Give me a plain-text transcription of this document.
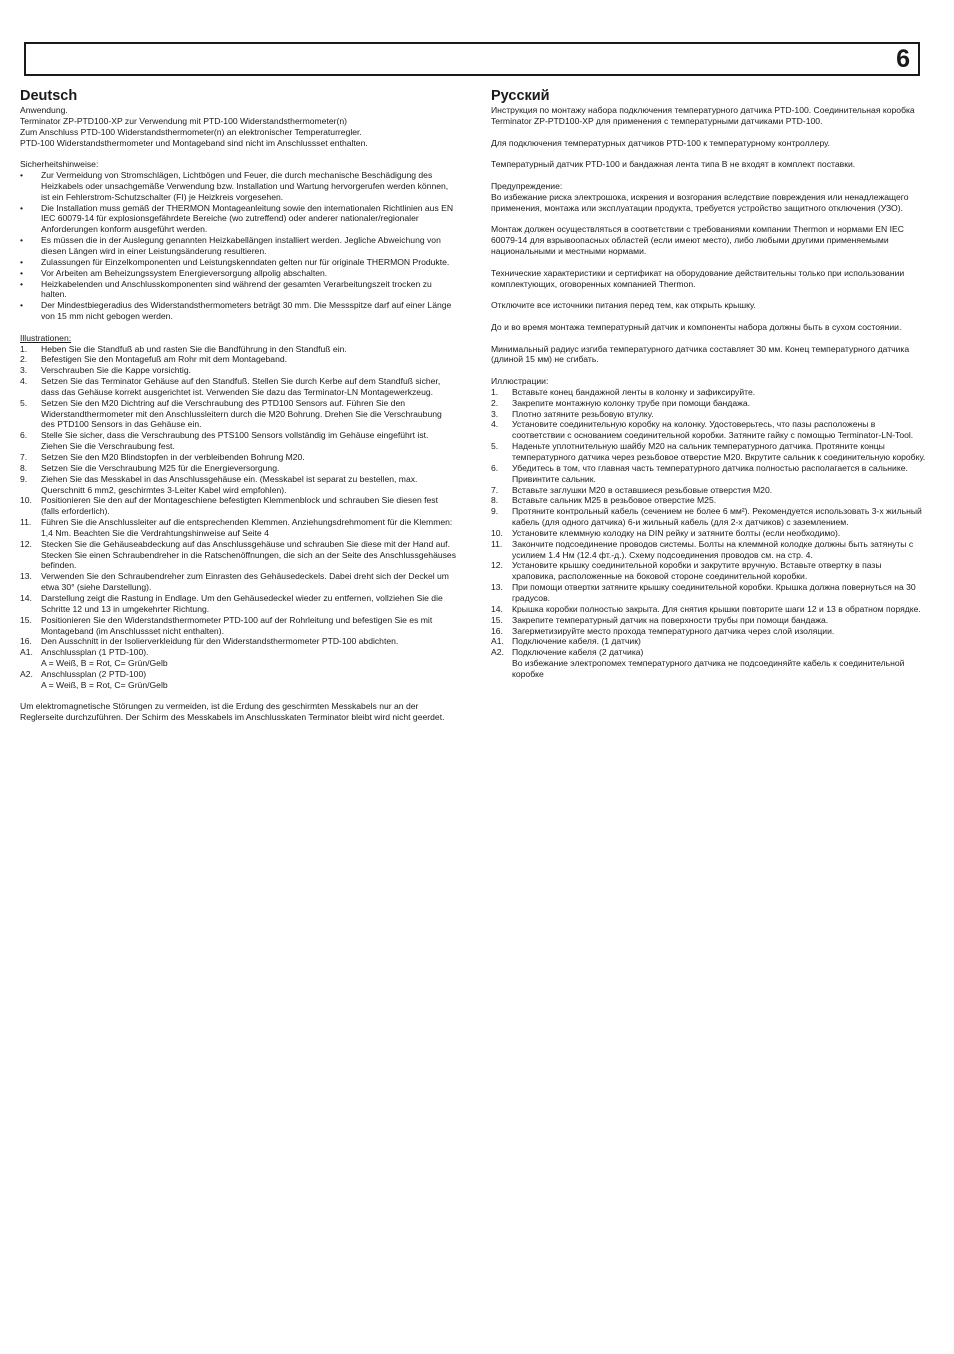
6
Deutsch

Anwendung.

Terminator ZP-PTD100-XP zur Verwendung mit PTD-100 Widerstandsthermometer(n)

Zum Anschluss PTD-100 Widerstandsthermometer(n) an elektronischer Temperaturregler.

PTD-100 Widerstandsthermometer und Montageband sind nicht im Anschlussset enthalten.

Sicherheitshinweise:

•	Zur Vermeidung von Stromschlägen, Lichtbögen und Feuer, die durch mechanische Beschädigung des Heizkabels oder unsachgemäße Verwendung bzw. Installation und Wartung hervorgerufen werden können, ist ein Fehlerstrom-Schutzschalter (FI) je Heizkreis vorgesehen.
•	Die Installation muss gemäß der THERMON Montageanleitung sowie den internationalen Richtlinien aus EN IEC 60079-14 für explosionsgefährdete Bereiche (wo zutreffend) oder anderer nationaler/regionaler Anforderungen konform ausgeführt werden.
•	Es müssen die in der Auslegung genannten Heizkabellängen installiert werden. Jegliche Abweichung von diesen Längen wird in einer Leistungsänderung resultieren.
•	Zulassungen für Einzelkomponenten und Leistungskenndaten gelten nur für originale THERMON Produkte.
•	Vor Arbeiten am Beheizungssystem Energieversorgung allpolig abschalten.
•	Heizkabelenden und Anschlusskomponenten sind während der gesamten Verarbeitungszeit trocken zu halten.
•	Der Mindestbiegeradius des Widerstandsthermometers beträgt 30 mm. Die Messspitze darf auf einer Länge von 15 mm nicht gebogen werden.

Illustrationen:

1.	Heben Sie die Standfuß ab und rasten Sie die Bandführung in den Standfuß ein.
2.	Befestigen Sie den Montagefuß am Rohr mit dem Montageband.
3.	Verschrauben Sie die Kappe vorsichtig.
4.	Setzen Sie das Terminator Gehäuse auf den Standfuß. Stellen Sie durch Kerbe auf dem Standfuß sicher, dass das Gehäuse korrekt ausgerichtet ist. Verwenden Sie dazu das Terminator-LN Montagewerkzeug.
5.	Setzen Sie den M20 Dichtring auf die Verschraubung des PTD100 Sensors auf. Führen Sie den Widerstandthermometer mit den Anschlussleitern durch die M20 Bohrung. Drehen Sie die Verschraubung des PTD100 Sensors in das Gehäuse ein.
6.	Stelle Sie sicher, dass die Verschraubung des PTS100 Sensors vollständig im Gehäuse eingeführt ist. Ziehen Sie die Verschraubung fest.
7.	Setzen Sie den M20 Blindstopfen in der verbleibenden Bohrung M20.
8.	Setzen Sie die Verschraubung M25 für die Energieversorgung.
9.	Ziehen Sie das Messkabel in das Anschlussgehäuse ein. (Messkabel ist separat zu bestellen, max. Querschnitt 6 mm2, geschirmtes 3-Leiter Kabel wird empfohlen).
10.	Positionieren Sie den auf der Montageschiene befestigten Klemmenblock und schrauben Sie diesen fest (falls erforderlich).
11.	Führen Sie die Anschlussleiter auf die entsprechenden Klemmen. Anziehungsdrehmoment für die Klemmen: 1,4 Nm. Beachten Sie die Verdrahtungshinweise auf Seite 4
12.	Stecken Sie die Gehäuseabdeckung auf das Anschlussgehäuse und schrauben Sie diese mit der Hand auf. Stecken Sie einen Schraubendreher in die Ratschenöffnungen, die sich an der Seite des Anschlussgehäuses befinden.
13.	Verwenden Sie den Schraubendreher zum Einrasten des Gehäusedeckels. Dabei dreht sich der Deckel um etwa 30° (siehe Darstellung).
14.	Darstellung zeigt die Rastung in Endlage. Um den Gehäusedeckel wieder zu entfernen, vollziehen Sie die Schritte 12 und 13 in umgekehrter Richtung.
15.	Positionieren Sie den Widerstandsthermometer PTD-100 auf der Rohrleitung und befestigen Sie es mit Montageband (im Anschlussset nicht enthalten).
16.	Den Ausschnitt in der Isolierverkleidung für den Widerstandsthermometer PTD-100 abdichten.
A1. Anschlussplan (1 PTD-100).
A = Weiß, B = Rot, C= Grün/Gelb
A2. Anschlussplan (2 PTD-100)
A = Weiß, B = Rot, C= Grün/Gelb

Um elektromagnetische Störungen zu vermeiden, ist die Erdung des geschirmten Messkabels nur an der Reglerseite durchzuführen. Der Schirm des Messkabels im Anschlusskaten Terminator bleibt wird nicht geerdet.

Русский

Инструкция по монтажу набора подключения температурного датчика PTD-100. Соединительная коробка Terminator ZP-PTD100-XP для применения с температурными датчиками PTD-100.

Для подключения температурных датчиков PTD-100 к температурному контроллеру.

Температурный датчик PTD-100 и бандажная лента типа B не входят в комплект поставки.

Предупреждение:
Во избежание риска электрошока, искрения и возгорания вследствие повреждения или ненадлежащего применения, монтажа или эксплуатации продукта, требуется устройство защитного отключения (УЗО).

Монтаж должен осуществляться в соответствии с требованиями компании Thermon и нормами EN IEC 60079-14 для взрывоопасных областей (если имеют место), либо любыми другими применяемыми национальными и местными нормами.

Технические характеристики и сертификат на оборудование действительны только при использовании комплектующих, оговоренных компанией Thermon.

Отключите все источники питания перед тем, как открыть крышку.

До и во время монтажа температурный датчик и компоненты набора должны быть в сухом состоянии.

Минимальный радиус изгиба температурного датчика составляет 30 мм. Конец температурного датчика (длиной 15 мм) не сгибать.

Иллюстрации:

1.	Вставьте конец бандажной ленты в колонку и зафиксируйте.
2.	Закрепите монтажную колонку трубе при помощи бандажа.
3.	Плотно затяните резьбовую втулку.
4.	Установите соединительную коробку на колонку. Удостоверьтесь, что пазы расположены в соответствии с основанием соединительной коробки. Затяните гайку с помощью Terminator-LN-Tool.
5.	Наденьте уплотнительную шайбу M20 на сальник температурного датчика. Протяните концы температурного датчика через резьбовое отверстие M20. Вкрутите сальник к соединительную коробку.
6.	Убедитесь в том, что главная часть температурного датчика полностью располагается в сальнике. Привинтите сальник.
7.	Вставьте заглушки M20 в оставшиеся резьбовые отверстия M20.
8.	Вставьте сальник M25 в резьбовое отверстие M25.
9.	Протяните контрольный кабель (сечением не более 6 мм²). Рекомендуется использовать 3-х жильный кабель (для одного датчика) 6-и жильный кабель (для 2-х датчиков) с заземлением.
10.	Установите клеммную колодку на DIN рейку и затяните болты (если необходимо).
11.	Закончите подсоединение проводов системы. Болты на клеммной колодке должны быть затянуты с усилием 1.4 Нм (12.4 фт.-д.). Схему подсоединения проводов см. на стр. 4.
12.	Установите крышку соединительной коробки и закрутите вручную. Вставьте отвертку в пазы храповика, расположенные на боковой стороне соединительной коробки.
13.	При помощи отвертки затяните крышку соединительной коробки. Крышка должна повернуться на 30 градусов.
14.	Крышка коробки полностью закрыта. Для снятия крышки повторите шаги 12 и 13 в обратном порядке.
15.	Закрепите температурный датчик на поверхности трубы при помощи бандажа.
16.	Загерметизируйте место прохода температурного датчика через слой изоляции.
A1. Подключение кабеля. (1 датчик)
A2. Подключение кабеля (2 датчика)
Во избежание электропомех температурного датчика не подсоединяйте кабель к соединительной коробке
